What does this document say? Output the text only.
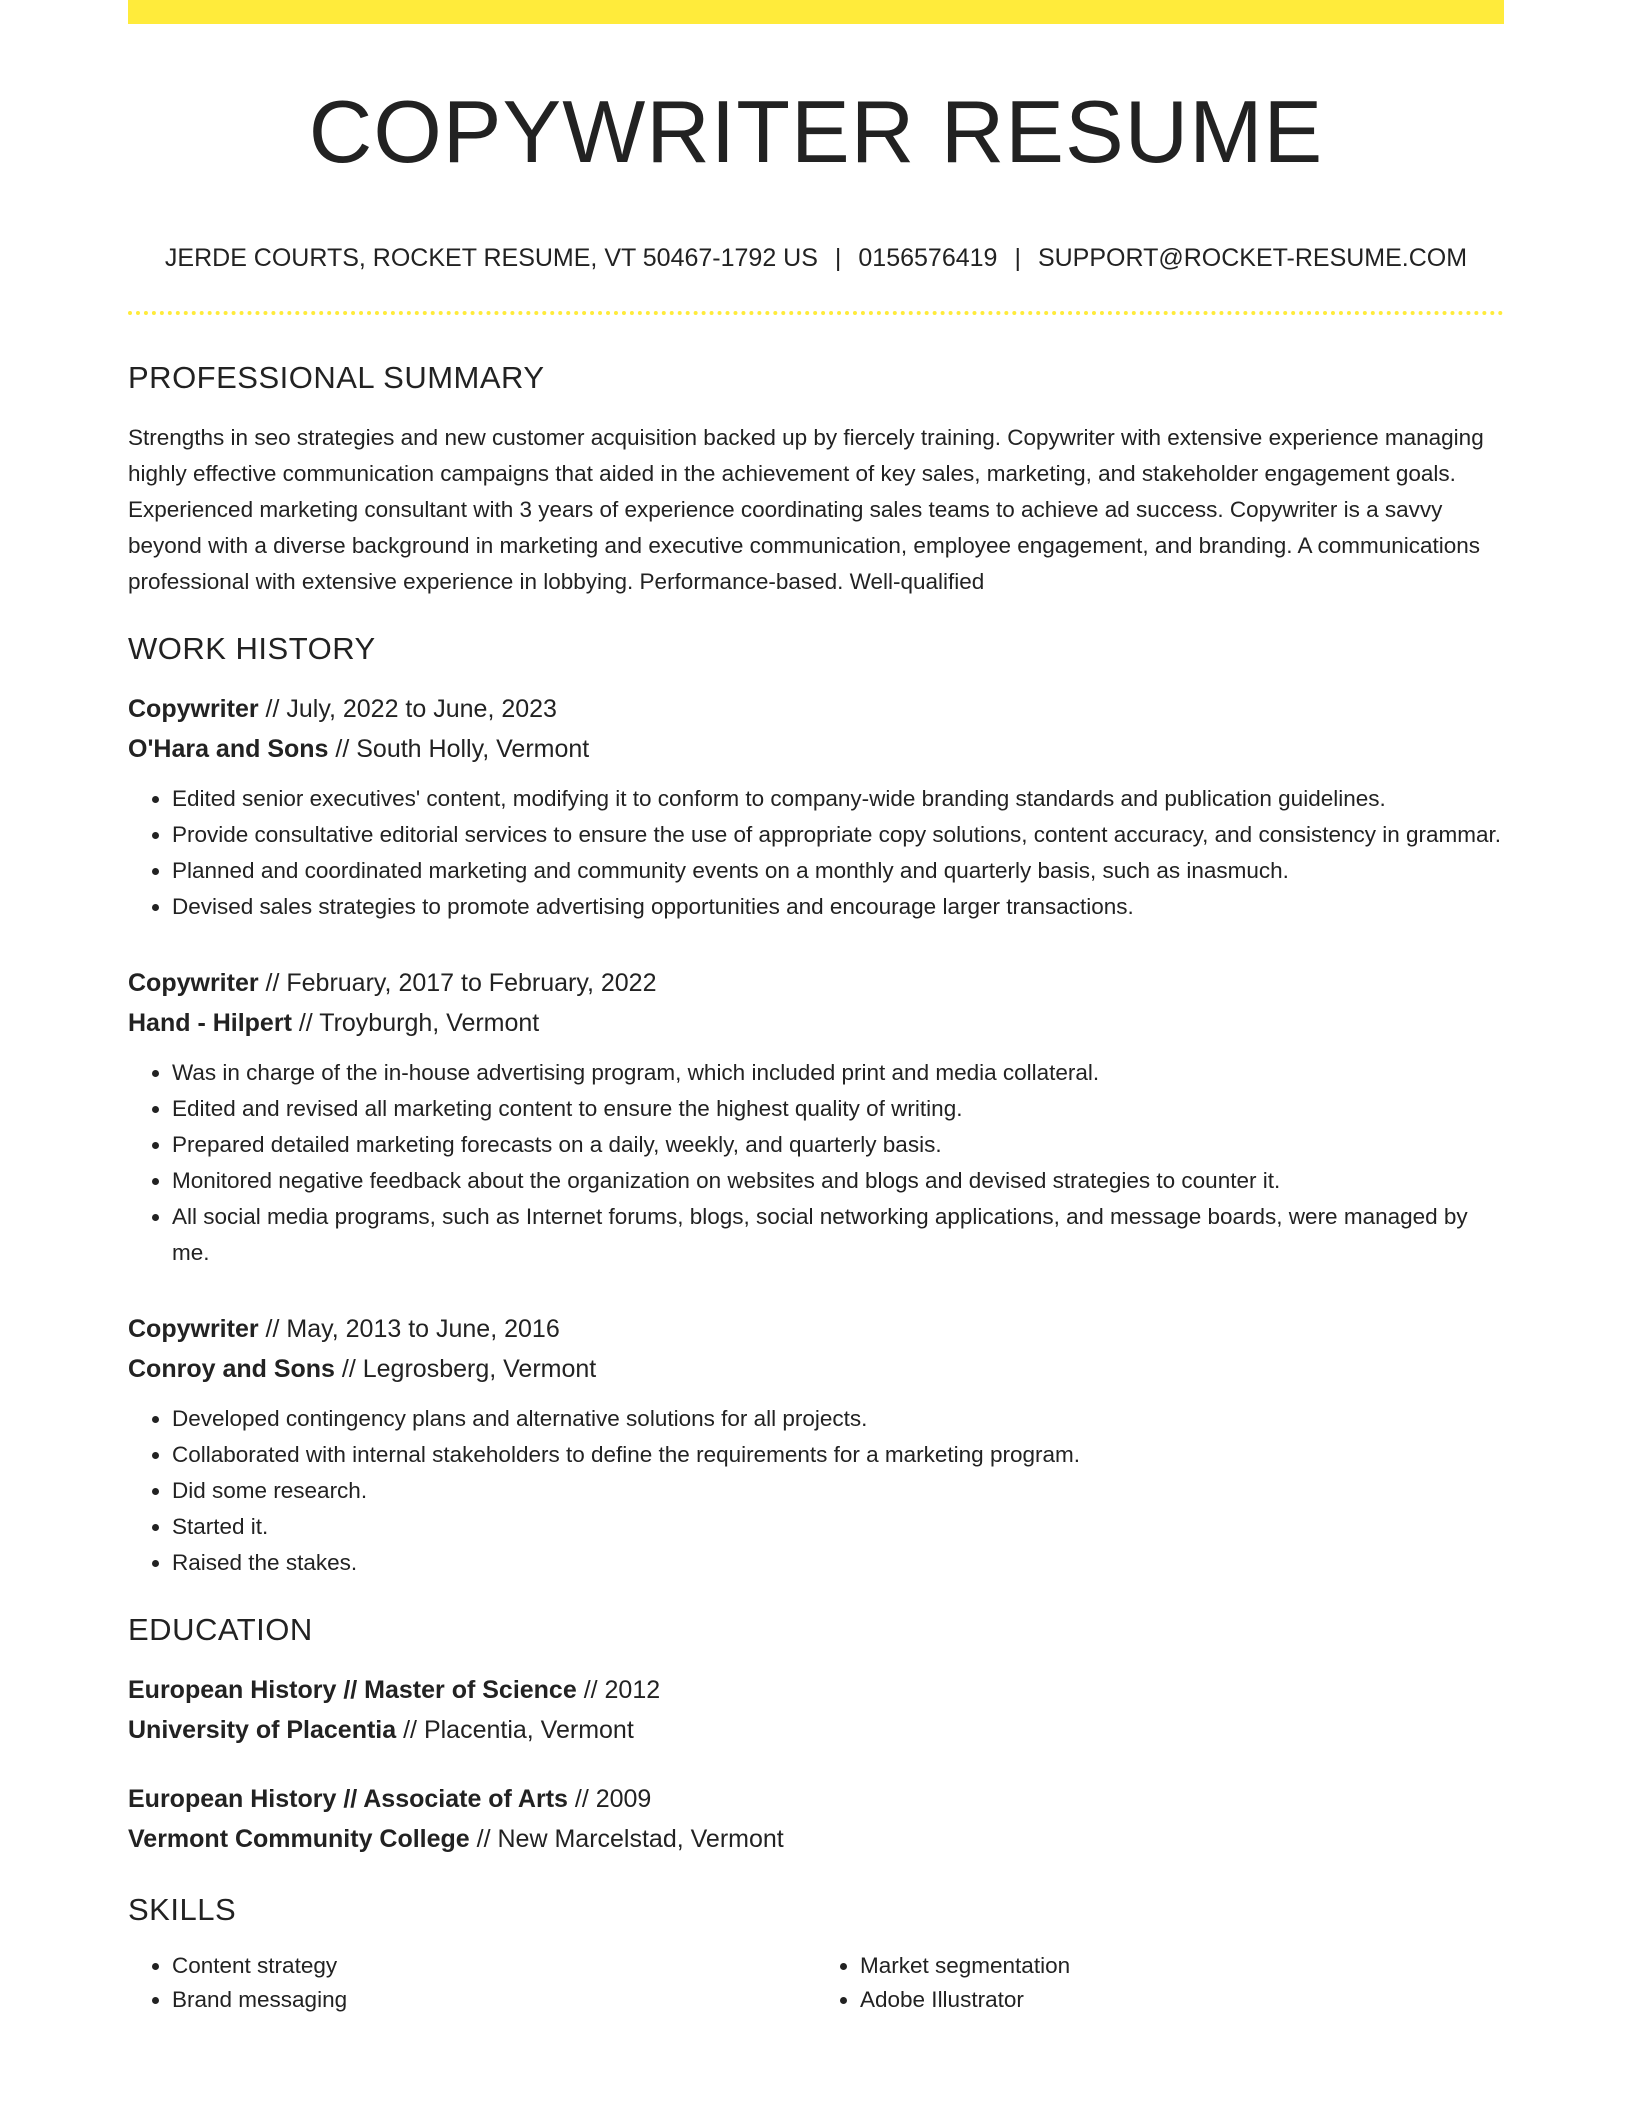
COPYWRITER RESUME
JERDE COURTS, ROCKET RESUME, VT 50467-1792 US | 0156576419 | SUPPORT@ROCKET-RESUME.COM
PROFESSIONAL SUMMARY

Strengths in seo strategies and new customer acquisition backed up by fiercely training. Copywriter with extensive experience managing highly effective communication campaigns that aided in the achievement of key sales, marketing, and stakeholder engagement goals. Experienced marketing consultant with 3 years of experience coordinating sales teams to achieve ad success. Copywriter is a savvy beyond with a diverse background in marketing and executive communication, employee engagement, and branding. A communications professional with extensive experience in lobbying. Performance-based. Well-qualified

WORK HISTORY
Copywriter // July, 2022 to June, 2023
O'Hara and Sons // South Holly, Vermont
• Edited senior executives' content, modifying it to conform to company-wide branding standards and publication guidelines.
• Provide consultative editorial services to ensure the use of appropriate copy solutions, content accuracy, and consistency in grammar.
• Planned and coordinated marketing and community events on a monthly and quarterly basis, such as inasmuch.
• Devised sales strategies to promote advertising opportunities and encourage larger transactions.
Copywriter // February, 2017 to February, 2022
Hand - Hilpert // Troyburgh, Vermont
• Was in charge of the in-house advertising program, which included print and media collateral.
• Edited and revised all marketing content to ensure the highest quality of writing.
• Prepared detailed marketing forecasts on a daily, weekly, and quarterly basis.
• Monitored negative feedback about the organization on websites and blogs and devised strategies to counter it.
• All social media programs, such as Internet forums, blogs, social networking applications, and message boards, were managed by me.
Copywriter // May, 2013 to June, 2016
Conroy and Sons // Legrosberg, Vermont
• Developed contingency plans and alternative solutions for all projects.
• Collaborated with internal stakeholders to define the requirements for a marketing program.
• Did some research.
• Started it.
• Raised the stakes.
EDUCATION
European History // Master of Science // 2012
University of Placentia // Placentia, Vermont
European History // Associate of Arts // 2009
Vermont Community College // New Marcelstad, Vermont
SKILLS
• Content strategy
• Brand messaging
• Market segmentation
• Adobe Illustrator
